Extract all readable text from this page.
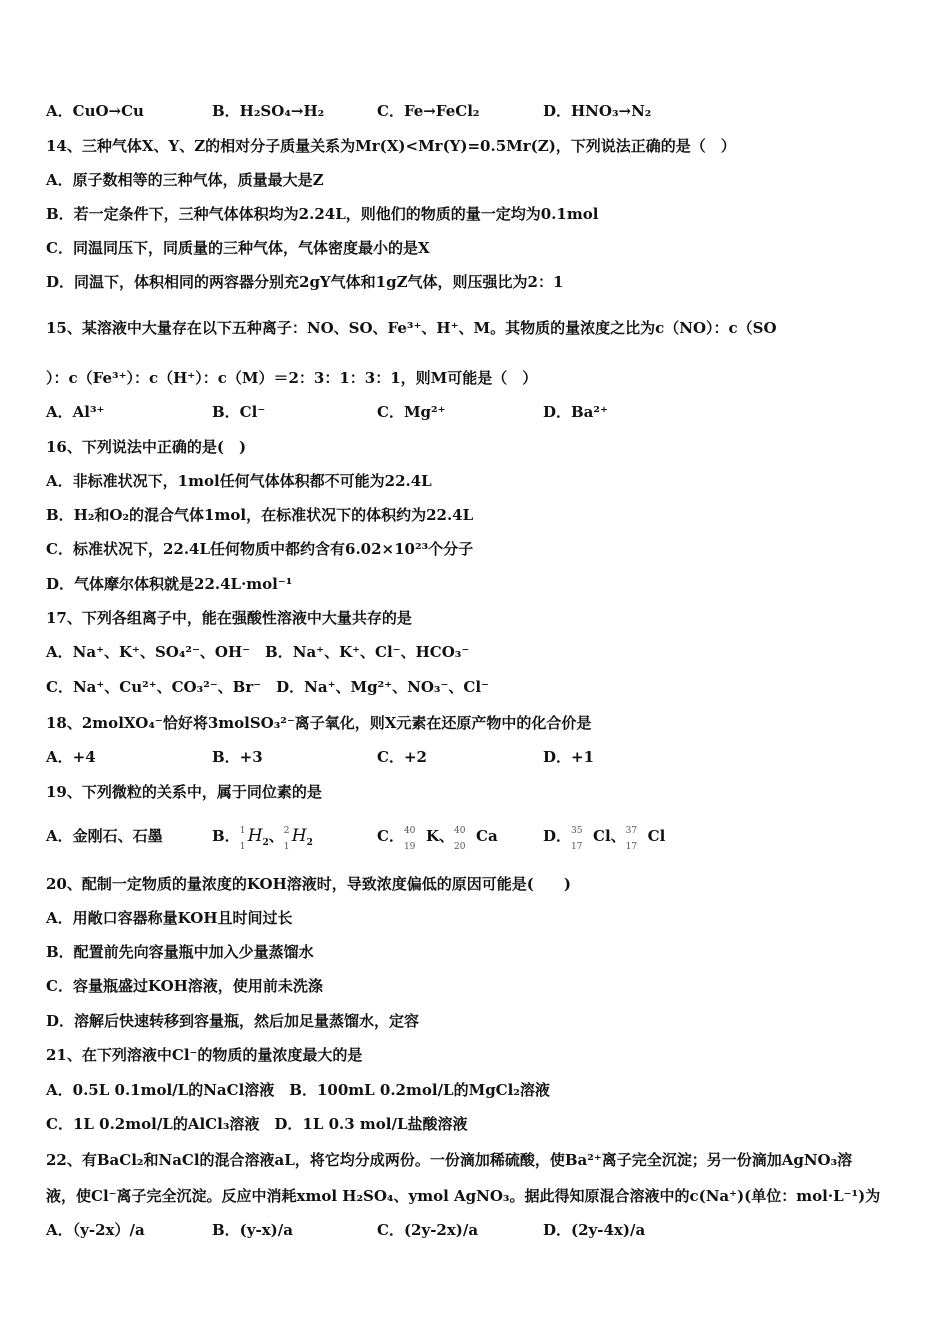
A．CuO→Cu	B．H₂SO₄→H₂	C．Fe→FeCl₂	D．HNO₃→N₂
14、三种气体X、Y、Z的相对分子质量关系为Mr(X)<Mr(Y)=0.5Mr(Z)，下列说法正确的是（　）
A．原子数相等的三种气体，质量最大是Z
B．若一定条件下，三种气体体积均为2.24L，则他们的物质的量一定均为0.1mol
C．同温同压下，同质量的三种气体，气体密度最小的是X
D．同温下，体积相同的两容器分别充2gY气体和1gZ气体，则压强比为2：1
15、某溶液中大量存在以下五种离子：NO、SO、Fe³⁺、H⁺、M。其物质的量浓度之比为c（NO）：c（SO
）：c（Fe³⁺）：c（H⁺）：c（M）＝2：3：1：3：1，则M可能是（　）
A．Al³⁺	B．Cl⁻	C．Mg²⁺	D．Ba²⁺
16、下列说法中正确的是(　)
A．非标准状况下，1mol任何气体体积都不可能为22.4L
B．H₂和O₂的混合气体1mol，在标准状况下的体积约为22.4L
C．标准状况下，22.4L任何物质中都约含有6.02×10²³个分子
D．气体摩尔体积就是22.4L·mol⁻¹
17、下列各组离子中，能在强酸性溶液中大量共存的是
A．Na⁺、K⁺、SO₄²⁻、OH⁻　B．Na⁺、K⁺、Cl⁻、HCO₃⁻
C．Na⁺、Cu²⁺、CO₃²⁻、Br⁻　D．Na⁺、Mg²⁺、NO₃⁻、Cl⁻
18、2molXO₄⁻恰好将3molSO₃²⁻离子氧化，则X元素在还原产物中的化合价是
A．+4	B．+3	C．+2	D．+1
19、下列微粒的关系中，属于同位素的是
A．金刚石、石墨	B． 1
1
$H_2$、 2
1
$H_2$	C． 40
19
K、 40
20
Ca	D． 35
17
Cl、 37
17
Cl
20、配制一定物质的量浓度的KOH溶液时，导致浓度偏低的原因可能是(　　)
A．用敞口容器称量KOH且时间过长
B．配置前先向容量瓶中加入少量蒸馏水
C．容量瓶盛过KOH溶液，使用前未洗涤
D．溶解后快速转移到容量瓶，然后加足量蒸馏水，定容
21、在下列溶液中Cl⁻的物质的量浓度最大的是
A．0.5L 0.1mol/L的NaCl溶液　B．100mL 0.2mol/L的MgCl₂溶液
C．1L 0.2mol/L的AlCl₃溶液　D．1L 0.3 mol/L盐酸溶液
22、有BaCl₂和NaCl的混合溶液aL，将它均分成两份。一份滴加稀硫酸，使Ba²⁺离子完全沉淀；另一份滴加AgNO₃溶
液，使Cl⁻离子完全沉淀。反应中消耗xmol H₂SO₄、ymol AgNO₃。据此得知原混合溶液中的c(Na⁺)(单位：mol·L⁻¹)为
A．（y-2x）/a	B．(y-x)/a	C．(2y-2x)/a	D．(2y-4x)/a
